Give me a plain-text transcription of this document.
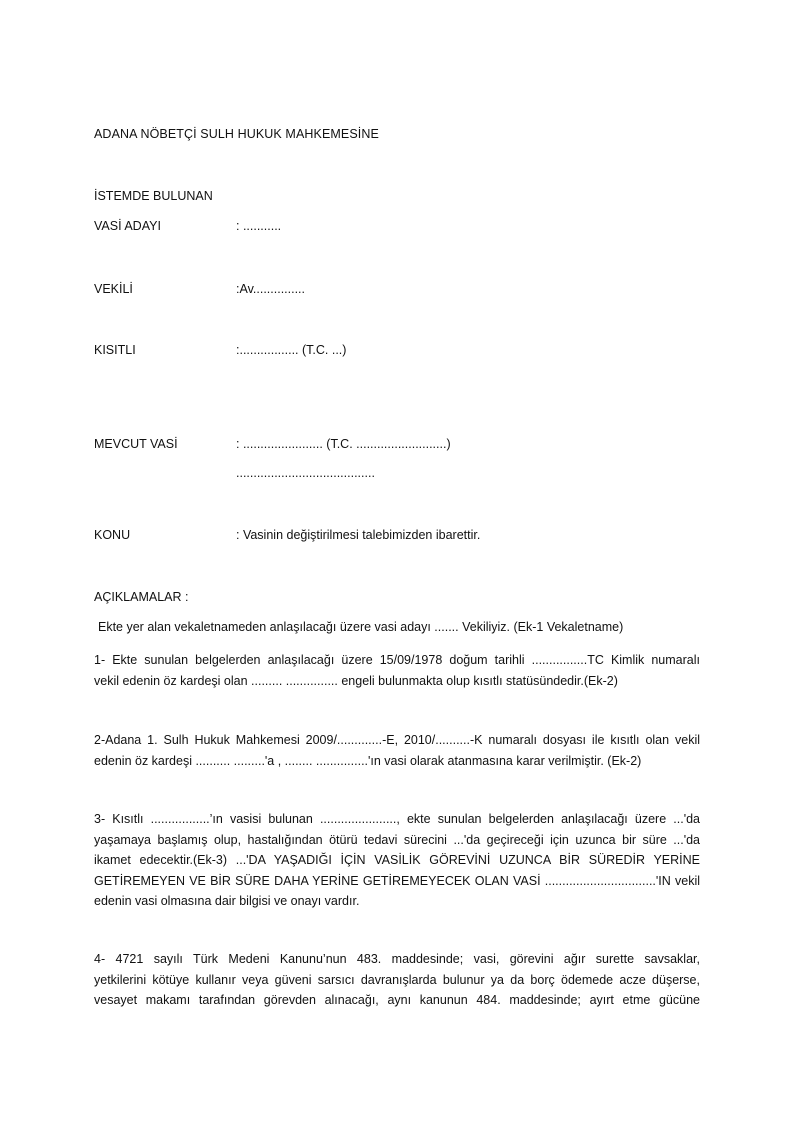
ADANA NÖBETÇİ SULH HUKUK MAHKEMESİNE
İSTEMDE BULUNAN
VASİ ADAYI	: ...........
VEKİLİ	:Av...............
KISITLI	:................. (T.C. ...)
MEVCUT VASİ	: ....................... (T.C. ..........................)
........................................
KONU	: Vasinin değiştirilmesi talebimizden ibarettir.
AÇIKLAMALAR :
Ekte yer alan vekaletnameden anlaşılacağı üzere vasi adayı ....... Vekiliyiz. (Ek-1 Vekaletname)
1- Ekte sunulan belgelerden anlaşılacağı üzere 15/09/1978 doğum tarihli ................TC Kimlik numaralı
vekil edenin öz kardeşi olan ......... ............... engeli bulunmakta olup kısıtlı statüsündedir.(Ek-2)
2-Adana 1. Sulh Hukuk Mahkemesi 2009/.............-E, 2010/..........-K numaralı dosyası ile kısıtlı olan vekil
edenin öz kardeşi .......... .........'a , ........ ...............'ın vasi olarak atanmasına karar verilmiştir. (Ek-2)
3- Kısıtlı .................’ın vasisi bulunan ......................, ekte sunulan belgelerden anlaşılacağı üzere ...'da
yaşamaya başlamış olup, hastalığından ötürü tedavi sürecini ...'da geçireceği için uzunca bir süre ...'da
ikamet edecektir.(Ek-3) ...'DA YAŞADIĞI İÇİN VASİLİK GÖREVİNİ UZUNCA BİR SÜREDİR YERİNE
GETİREMEYEN VE BİR SÜRE DAHA YERİNE GETİREMEYECEK OLAN VASİ ................................'IN vekil
edenin vasi olmasına dair bilgisi ve onayı vardır.
4- 4721 sayılı Türk Medeni Kanunu’nun 483. maddesinde; vasi, görevini ağır surette savsaklar,
yetkilerini kötüye kullanır veya güveni sarsıcı davranışlarda bulunur ya da borç ödemede acze düşerse,
vesayet makamı tarafından görevden alınacağı, aynı kanunun 484. maddesinde; ayırt etme gücüne
